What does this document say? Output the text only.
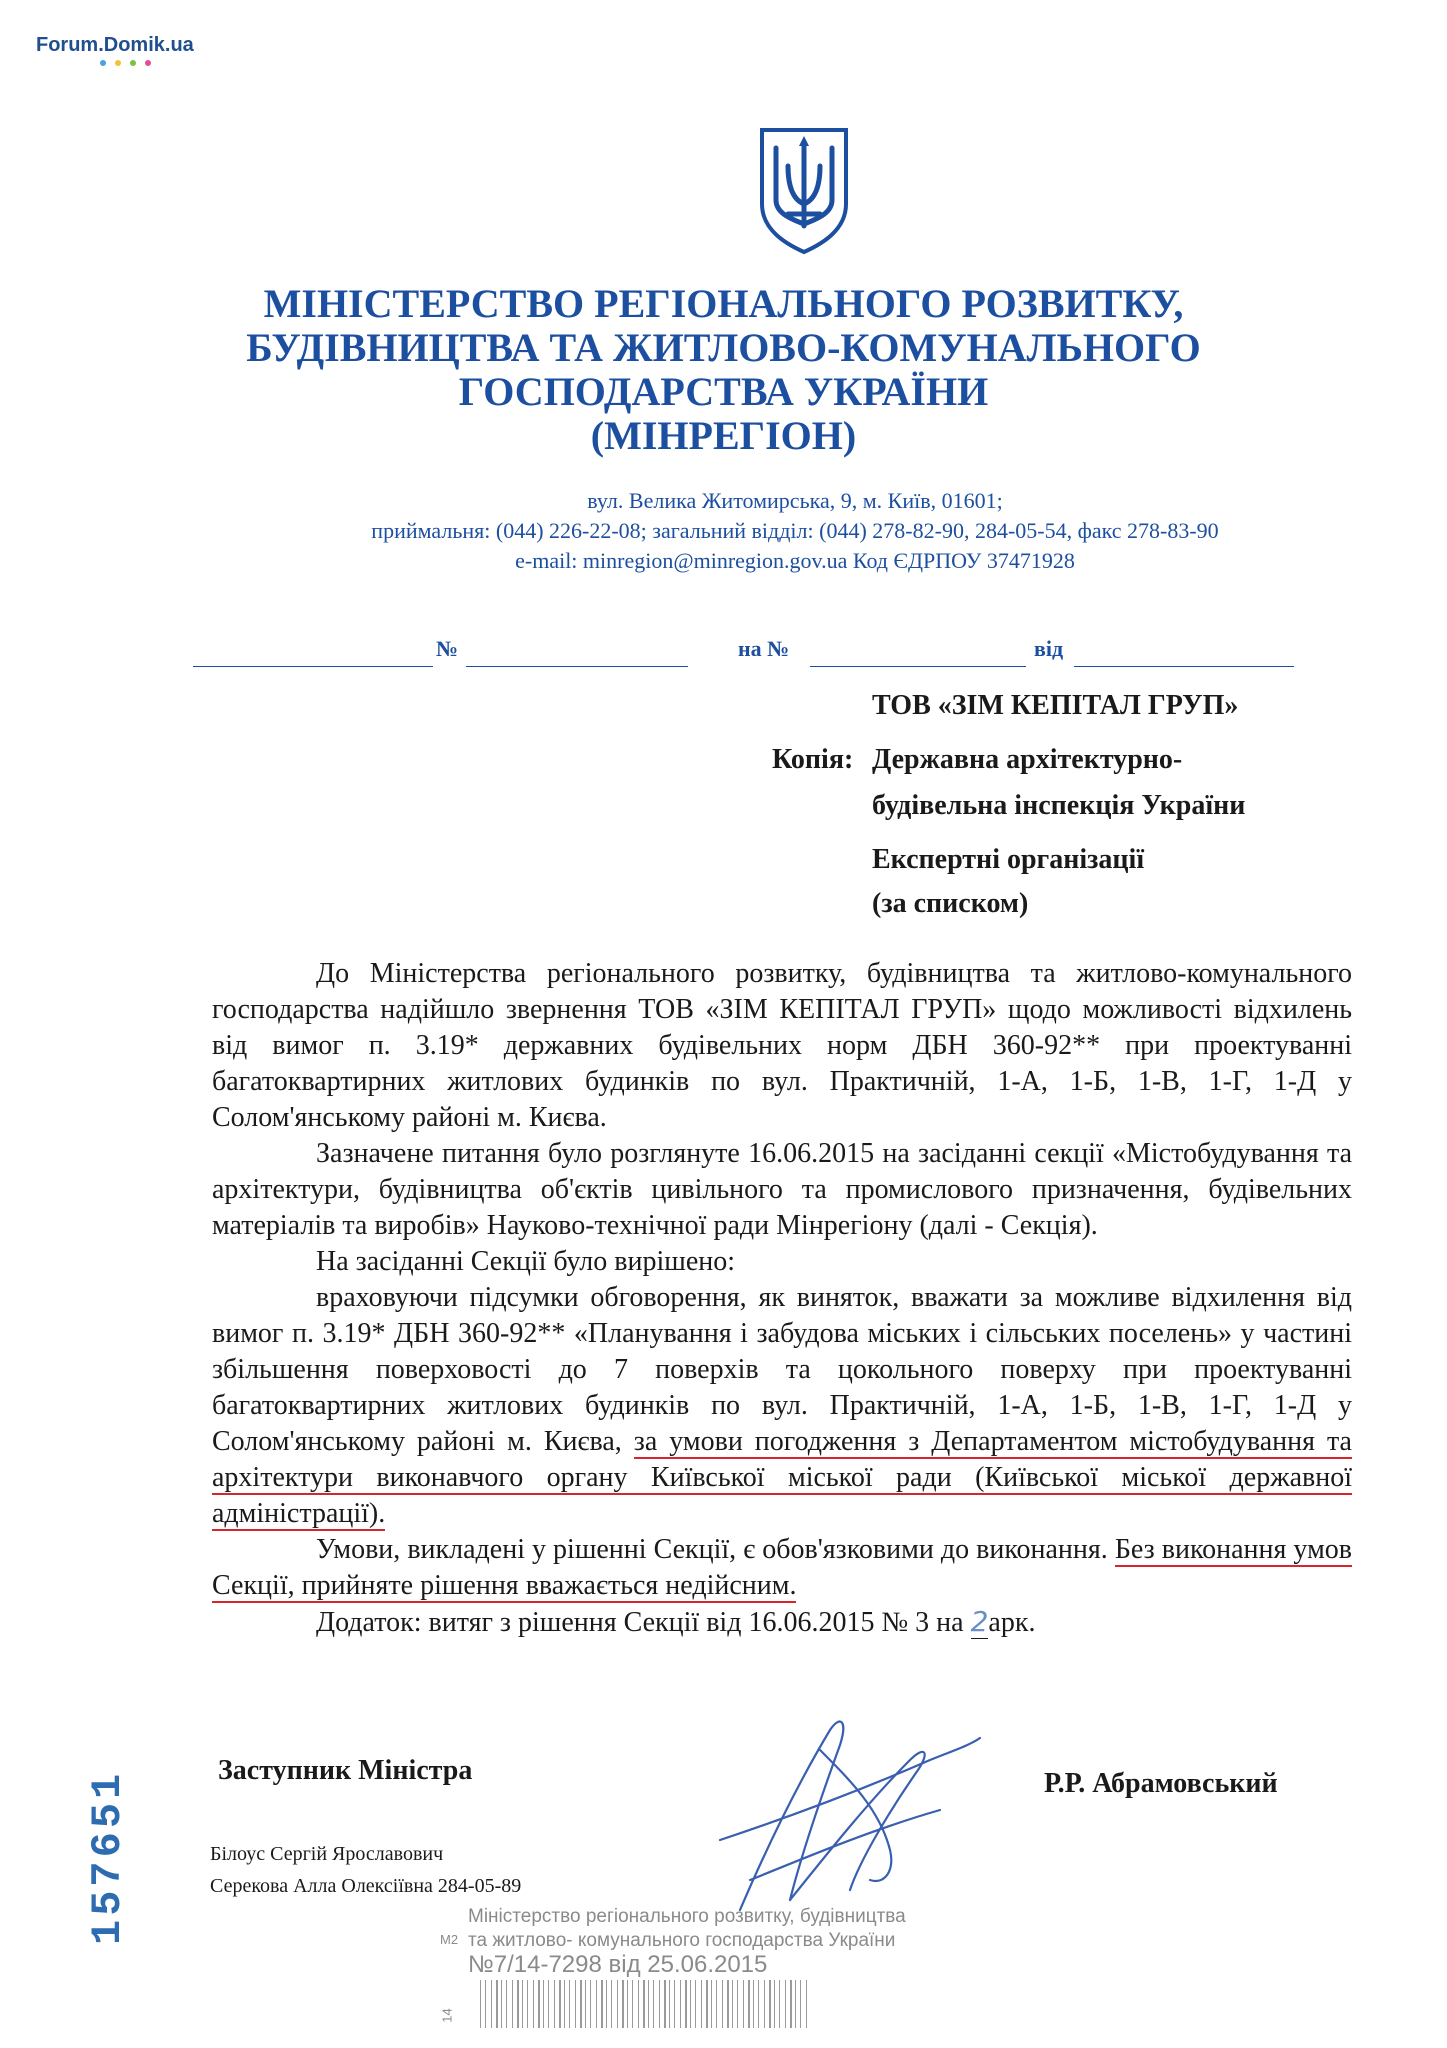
Forum.Domik.ua
МІНІСТЕРСТВО РЕГІОНАЛЬНОГО РОЗВИТКУ,
БУДІВНИЦТВА ТА ЖИТЛОВО-КОМУНАЛЬНОГО
ГОСПОДАРСТВА УКРАЇНИ
(МІНРЕГІОН)
вул. Велика Житомирська, 9, м. Київ, 01601;
приймальня: (044) 226-22-08; загальний відділ: (044) 278-82-90, 284-05-54, факс 278-83-90
e-mail: minregion@minregion.gov.ua Код ЄДРПОУ 37471928
№	на №	від
ТОВ «ЗІМ КЕПІТАЛ ГРУП»
Копія: Державна архітектурно-
будівельна інспекція України
Експертні організації
(за списком)

До Міністерства регіонального розвитку, будівництва та житлово-комунального господарства надійшло звернення ТОВ «ЗІМ КЕПІТАЛ ГРУП» щодо можливості відхилень від вимог п. 3.19* державних будівельних норм ДБН 360-92** при проектуванні багатоквартирних житлових будинків по вул. Практичній, 1-А, 1-Б, 1-В, 1-Г, 1-Д у Солом'янському районі м. Києва.

Зазначене питання було розглянуте 16.06.2015 на засіданні секції «Містобудування та архітектури, будівництва об'єктів цивільного та промислового призначення, будівельних матеріалів та виробів» Науково-технічної ради Мінрегіону (далі - Секція).

На засіданні Секції було вирішено:

враховуючи підсумки обговорення, як виняток, вважати за можливе відхилення від вимог п. 3.19* ДБН 360-92** «Планування і забудова міських і сільських поселень» у частині збільшення поверховості до 7 поверхів та цокольного поверху при проектуванні багатоквартирних житлових будинків по вул. Практичній, 1-А, 1-Б, 1-В, 1-Г, 1-Д у Солом'янському районі м. Києва, за умови погодження з Департаментом містобудування та архітектури виконавчого органу Київської міської ради (Київської міської державної адміністрації).

Умови, викладені у рішенні Секції, є обов'язковими до виконання. Без виконання умов Секції, прийняте рішення вважається недійсним.

Додаток: витяг з рішення Секції від 16.06.2015 № 3 на 2арк.

157651	Заступник Міністра	Р.Р. Абрамовський
Білоус Сергій Ярославович
Серекова Алла Олексіївна 284-05-89
Міністерство регіонального розвитку, будівництва
та житлово- комунального господарства України
№7/14-7298 від 25.06.2015
М2
14
